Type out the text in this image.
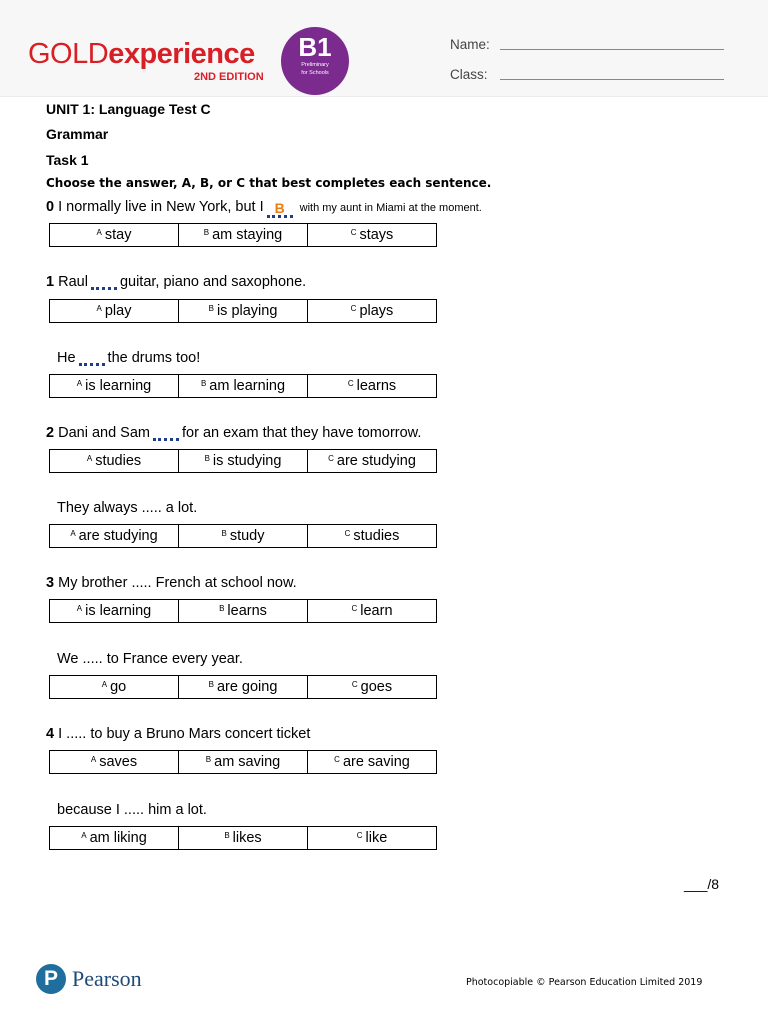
GOLDexperience
2ND EDITION
B1
Preliminary
for Schools
Name:
Class:
UNIT 1: Language Test C
Grammar
Task 1
Choose the answer, A, B, or C that best completes each sentence.
0 I normally live in New York, but I B with my aunt in Miami at the moment.
$^A$ stay	$^B$ am staying	$^C$ stays
1 Raul guitar, piano and saxophone.
$^A$ play	$^B$ is playing	$^C$ plays
He the drums too!
$^A$ is learning	$^B$ am learning	$^C$ learns
2 Dani and Sam for an exam that they have tomorrow.
$^A$ studies	$^B$ is studying	$^C$ are studying
They always ..... a lot.
$^A$ are studying	$^B$ study	$^C$ studies
3 My brother ..... French at school now.
$^A$ is learning	$^B$ learns	$^C$ learn
We ..... to France every year.
$^A$ go	$^B$ are going	$^C$ goes
4 I ..... to buy a Bruno Mars concert ticket
$^A$ saves	$^B$ am saving	$^C$ are saving
because I ..... him a lot.
$^A$ am liking	$^B$ likes	$^C$ like
___/8
P Pearson	Photocopiable © Pearson Education Limited 2019
